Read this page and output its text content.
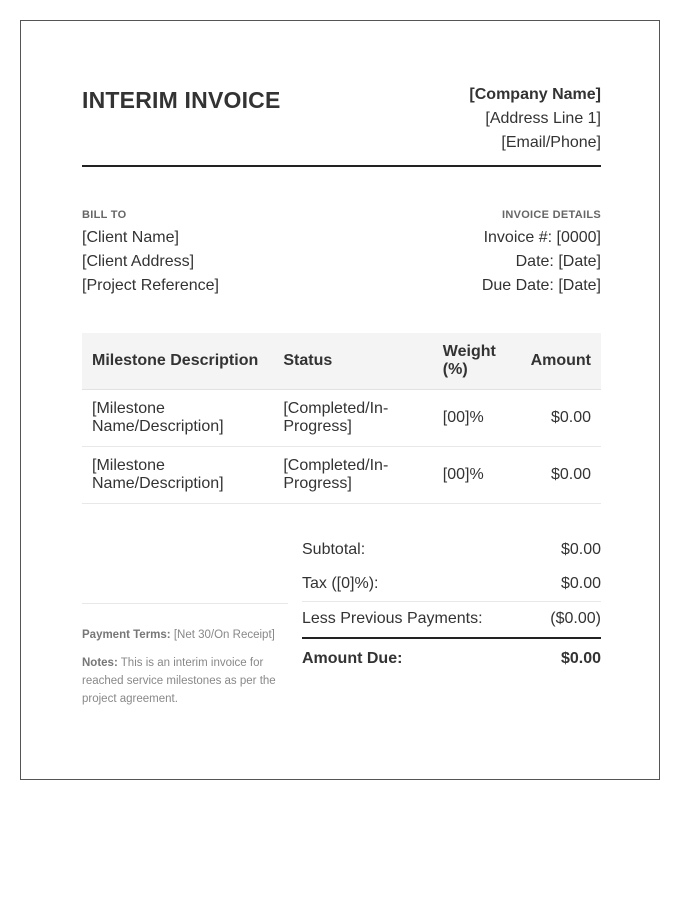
INTERIM INVOICE	[Company Name]
[Address Line 1]
[Email/Phone]
BILL TO
[Client Name]
[Client Address]
[Project Reference]
INVOICE DETAILS
Invoice #: [0000]
Date: [Date]
Due Date: [Date]
Milestone Description	Status	Weight (%)	Amount
[Milestone Name/Description]	[Completed/In-Progress]	[00]%	$0.00
[Milestone Name/Description]	[Completed/In-Progress]	[00]%	$0.00

Payment Terms: [Net 30/On Receipt]

Notes: This is an interim invoice for reached service milestones as per the project agreement.

Subtotal:	$0.00
Tax ([0]%):	$0.00
Less Previous Payments:	($0.00)
Amount Due:	$0.00
